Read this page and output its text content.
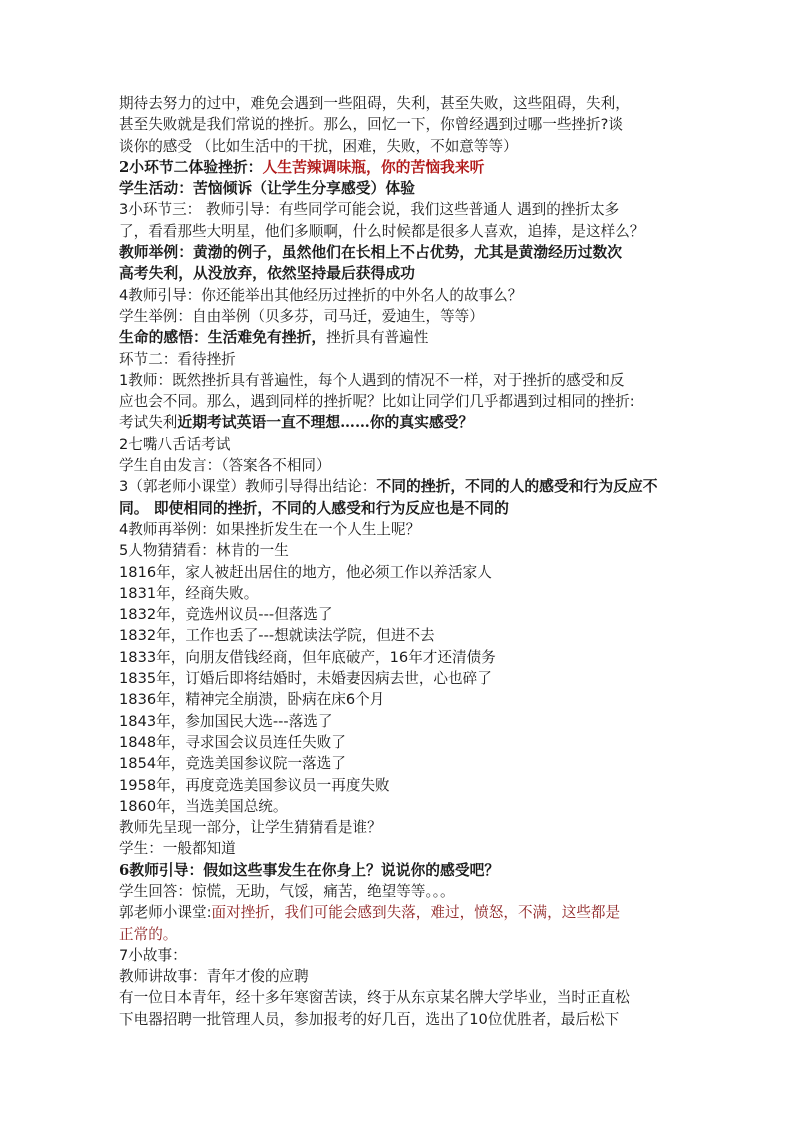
期待去努力的过中，难免会遇到一些阻碍，失利，甚至失败，这些阻碍，失利，
甚至失败就是我们常说的挫折。那么，回忆一下，你曾经遇到过哪一些挫折?谈
谈你的感受 （比如生活中的干扰，困难，失败，不如意等等）
2小环节二体验挫折：人生苦辣调味瓶，你的苦恼我来听
学生活动：苦恼倾诉（让学生分享感受）体验
3小环节三： 教师引导：有些同学可能会说，我们这些普通人 遇到的挫折太多
了，看看那些大明星，他们多顺啊，什么时候都是很多人喜欢，追捧，是这样么？
教师举例：黄渤的例子，虽然他们在长相上不占优势，尤其是黄渤经历过数次
高考失利，从没放弃，依然坚持最后获得成功
4教师引导：你还能举出其他经历过挫折的中外名人的故事么？
学生举例：自由举例（贝多芬，司马迁，爱迪生，等等）
生命的感悟：生活难免有挫折，挫折具有普遍性
环节二：看待挫折
1教师：既然挫折具有普遍性，每个人遇到的情况不一样，对于挫折的感受和反
应也会不同。那么，遇到同样的挫折呢？比如让同学们几乎都遇到过相同的挫折:
考试失利近期考试英语一直不理想……你的真实感受？
2七嘴八舌话考试
学生自由发言：（答案各不相同）
3（郭老师小课堂）教师引导得出结论：不同的挫折，不同的人的感受和行为反应不
同。 即使相同的挫折，不同的人感受和行为反应也是不同的
4教师再举例：如果挫折发生在一个人生上呢？
5人物猜猜看：林肯的一生
1816年，家人被赶出居住的地方，他必须工作以养活家人
1831年，经商失败。
1832年，竞选州议员---但落选了
1832年，工作也丢了---想就读法学院，但进不去
1833年，向朋友借钱经商，但年底破产，16年才还清债务
1835年，订婚后即将结婚时，未婚妻因病去世，心也碎了
1836年，精神完全崩溃，卧病在床6个月
1843年，参加国民大选---落选了
1848年，寻求国会议员连任失败了
1854年，竞选美国参议院一落选了
1958年，再度竞选美国参议员一再度失败
1860年，当选美国总统。
教师先呈现一部分，让学生猜猜看是谁？
学生：一般都知道
6教师引导：假如这些事发生在你身上？说说你的感受吧？
学生回答：惊慌，无助，气馁，痛苦，绝望等等。。。
郭老师小课堂:面对挫折，我们可能会感到失落，难过，愤怒，不满，这些都是
正常的。
7小故事：
教师讲故事：青年才俊的应聘
有一位日本青年，经十多年寒窗苦读，终于从东京某名牌大学毕业，当时正直松
下电器招聘一批管理人员，参加报考的好几百，选出了10位优胜者，最后松下
